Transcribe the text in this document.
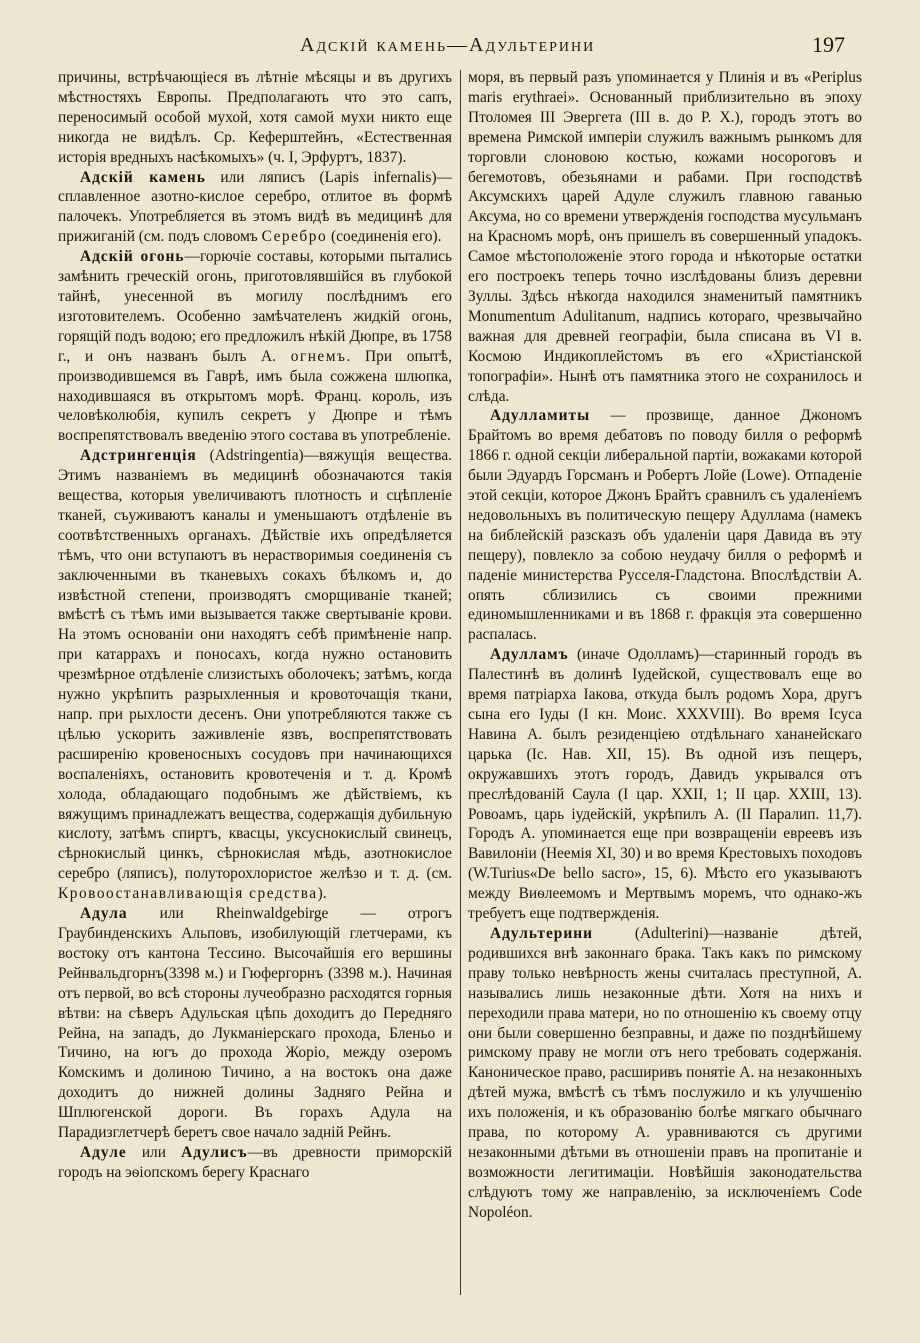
Адскій камень—Адультерини	197

причины, встрѣчающіеся въ лѣтніе мѣсяцы и въ другихъ мѣстностяхъ Европы. Предполагають что это сапъ, переносимый особой мухой, хотя самой мухи никто еще никогда не видѣлъ. Ср. Кеферштейнъ, «Естественная исторія вредныхъ насѣкомыхъ» (ч. I, Эрфуртъ, 1837).

Адскій камень или ляписъ (Lapis infernalis)—сплавленное азотно-кислое серебро, отлитое въ формѣ палочекъ. Употребляется въ этомъ видѣ въ медицинѣ для прижиганій (см. подъ словомъ Серебро (соединенія его).

Адскій огонь—горючіе составы, которыми пытались замѣнить греческій огонь, приготовлявшійся въ глубокой тайнѣ, унесенной въ могилу послѣднимъ его изготовителемъ. Особенно замѣчателенъ жидкій огонь, горящій подъ водою; его предложилъ нѣкій Дюпре, въ 1758 г., и онъ названъ былъ А. огнемъ. При опытѣ, производившемся въ Гаврѣ, имъ была сожжена шлюпка, находившаяся въ открытомъ морѣ. Франц. король, изъ человѣколюбія, купилъ секретъ у Дюпре и тѣмъ воспрепятствовалъ введенію этого состава въ употребленіе.

Адстрингенція (Adstringentia)—вяжущія вещества. Этимъ названіемъ въ медицинѣ обозначаются такія вещества, которыя увеличиваютъ плотность и сцѣпленіе тканей, съуживаютъ каналы и уменьшаютъ отдѣленіе въ соотвѣтственныхъ органахъ. Дѣйствіе ихъ опредѣляется тѣмъ, что они вступаютъ въ нерастворимыя соединенія съ заключенными въ тканевыхъ сокахъ бѣлкомъ и, до извѣстной степени, производятъ сморщиваніе тканей; вмѣстѣ съ тѣмъ ими вызывается также свертываніе крови. На этомъ основаніи они находятъ себѣ примѣненіе напр. при катаррахъ и поносахъ, когда нужно остановить чрезмѣрное отдѣленіе слизистыхъ оболочекъ; затѣмъ, когда нужно укрѣпить разрыхленныя и кровоточащія ткани, напр. при рыхлости десенъ. Они употребляются также съ цѣлью ускорить заживленіе язвъ, воспрепятствовать расширенію кровеносныхъ сосудовъ при начинающихся воспаленіяхъ, остановить кровотеченія и т. д. Кромѣ холода, обладающаго подобнымъ же дѣйствіемъ, къ вяжущимъ принадлежатъ вещества, содержащія дубильную кислоту, затѣмъ спиртъ, квасцы, уксуснокислый свинецъ, сѣрнокислый цинкъ, сѣрнокислая мѣдь, азотнокислое серебро (ляписъ), полуторохлористое желѣзо и т. д. (см. Кровоостанавливающія средства).

Адула или Rheinwaldgebirge — отрогъ Граубинденскихъ Альповъ, изобилующій глетчерами, къ востоку отъ кантона Тессино. Высочайшія его вершины Рейнвальдгорнъ(3398 м.) и Гюфергорнъ (3398 м.). Начиная отъ первой, во всѣ стороны лучеобразно расходятся горныя вѣтви: на сѣверъ Адульская цѣпь доходитъ до Передняго Рейна, на западъ, до Лукманіерскаго прохода, Бленьо и Тичино, на югъ до прохода Жоріо, между озеромъ Комскимъ и долиною Тичино, а на востокъ она даже доходитъ до нижней долины Задняго Рейна и Шплюгенской дороги. Въ горахъ Адула на Парадизглетчерѣ беретъ свое начало задній Рейнъ.

Адуле или Адулисъ—въ древности приморскій городъ на эѳіопскомъ берегу Краснаго

моря, въ первый разъ упоминается у Плинія и въ «Periplus maris erythraei». Основанный приблизительно въ эпоху Птоломея III Эвергета (III в. до Р. Х.), городъ этотъ во времена Римской имперіи служилъ важнымъ рынкомъ для торговли слоновою костью, кожами носороговъ и бегемотовъ, обезьянами и рабами. При господствѣ Аксумскихъ царей Адуле служилъ главною гаванью Аксума, но со времени утвержденія господства мусульманъ на Красномъ морѣ, онъ пришелъ въ совершенный упадокъ. Самое мѣстоположеніе этого города и нѣкоторые остатки его построекъ теперь точно изслѣдованы близъ деревни Зуллы. Здѣсь нѣкогда находился знаменитый памятникъ Monumentum Adulitanum, надпись котораго, чрезвычайно важная для древней географіи, была списана въ VI в. Космою Индикоплейстомъ въ его «Христіанской топографіи». Нынѣ отъ памятника этого не сохранилось и слѣда.

Адулламиты — прозвище, данное Джономъ Брайтомъ во время дебатовъ по поводу билля о реформѣ 1866 г. одной секціи либеральной партіи, вожаками которой были Эдуардъ Горсманъ и Робертъ Лойе (Lowe). Отпаденіе этой секціи, которое Джонъ Брайтъ сравнилъ съ удаленіемъ недовольныхъ въ политическую пещеру Адуллама (намекъ на библейскій разсказъ объ удаленіи царя Давида въ эту пещеру), повлекло за собою неудачу билля о реформѣ и паденіе министерства Русселя-Гладстона. Впослѣдствіи А. опять сблизились съ своими прежними единомышленниками и въ 1868 г. фракція эта совершенно распалась.

Адулламъ (иначе Одолламъ)—старинный городъ въ Палестинѣ въ долинѣ Іудейской, существовалъ еще во время патріарха Іакова, откуда былъ родомъ Хора, другъ сына его Іуды (I кн. Моис. XXXVIII). Во время Ісуса Навина А. былъ резиденціею отдѣльнаго хананейскаго царька (Іс. Нав. XII, 15). Въ одной изъ пещеръ, окружавшихъ этотъ городъ, Давидъ укрывался отъ преслѣдованій Саула (I цар. XXII, 1; II цар. XXIII, 13). Ровоамъ, царь іудейскій, укрѣпилъ А. (II Паралип. 11,7). Городъ А. упоминается еще при возвращеніи евреевъ изъ Вавилоніи (Неемія XI, 30) и во время Крестовыхъ походовъ (W.Turius«De bello sacro», 15, 6). Мѣсто его указываютъ между Виѳлеемомъ и Мертвымъ моремъ, что однако-жъ требуетъ еще подтвержденія.

Адультерини (Adulterini)—названіе дѣтей, родившихся внѣ законнаго брака. Такъ какъ по римскому праву только невѣрность жены считалась преступной, А. назывались лишь незаконные дѣти. Хотя на нихъ и переходили права матери, но по отношенію къ своему отцу они были совершенно безправны, и даже по позднѣйшему римскому праву не могли отъ него требовать содержанія. Каноническое право, расширивъ понятіе А. на незаконныхъ дѣтей мужа, вмѣстѣ съ тѣмъ послужило и къ улучшенію ихъ положенія, и къ образованію болѣе мягкаго обычнаго права, по которому А. уравниваются съ другими незаконными дѣтьми въ отношеніи правъ на пропитаніе и возможности легитимаціи. Новѣйшія законодательства слѣдуютъ тому же направленію, за исключеніемъ Code Nopoléon.
